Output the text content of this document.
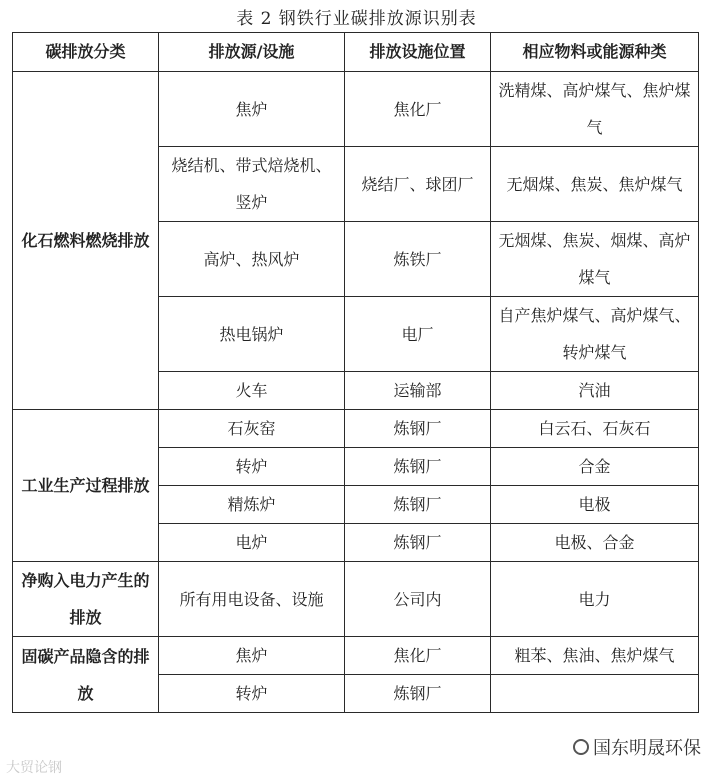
表 2 钢铁行业碳排放源识别表
碳排放分类	排放源/设施	排放设施位置	相应物料或能源种类
化石燃料燃烧排放	焦炉	焦化厂	洗精煤、高炉煤气、焦炉煤气
	烧结机、带式焙烧机、竖炉	烧结厂、球团厂	无烟煤、焦炭、焦炉煤气
	高炉、热风炉	炼铁厂	无烟煤、焦炭、烟煤、高炉煤气
	热电锅炉	电厂	自产焦炉煤气、高炉煤气、转炉煤气
	火车	运输部	汽油
工业生产过程排放	石灰窑	炼钢厂	白云石、石灰石
	转炉	炼钢厂	合金
	精炼炉	炼钢厂	电极
	电炉	炼钢厂	电极、合金
净购入电力产生的排放	所有用电设备、设施	公司内	电力
固碳产品隐含的排放	焦炉	焦化厂	粗苯、焦油、焦炉煤气
	转炉	炼钢厂	
大贸论钢
国东明晟环保
